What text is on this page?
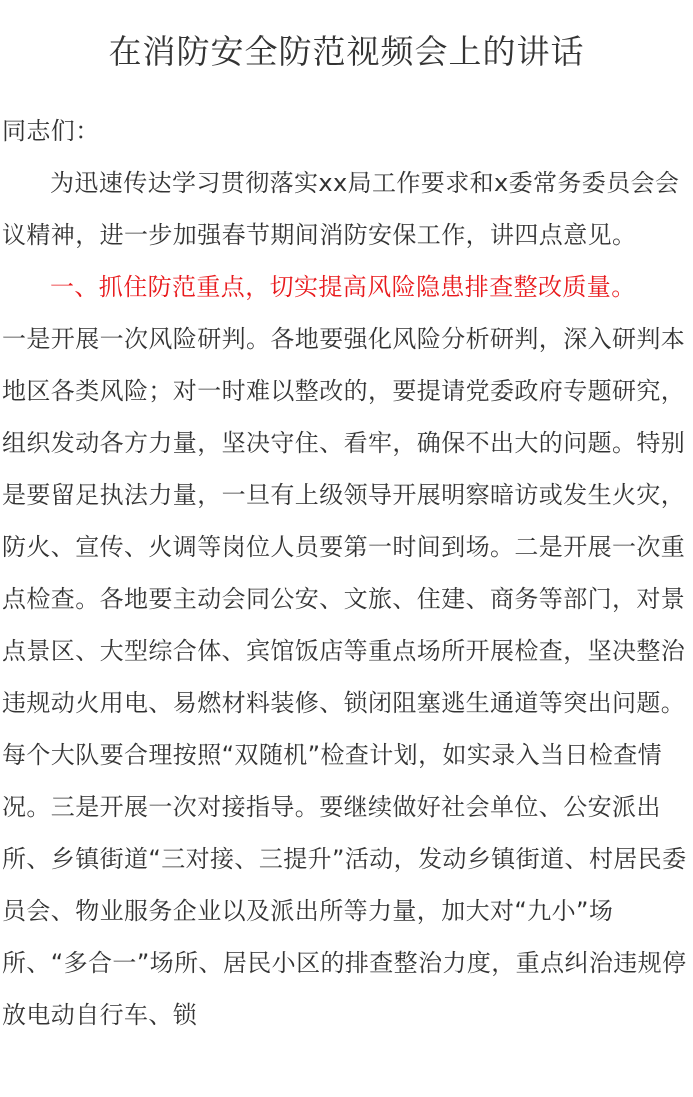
在消防安全防范视频会上的讲话

同志们：

为迅速传达学习贯彻落实xx局工作要求和x委常务委员会会议精神，进一步加强春节期间消防安保工作，讲四点意见。

一、抓住防范重点，切实提高风险隐患排查整改质量。

一是开展一次风险研判。各地要强化风险分析研判，深入研判本地区各类风险；对一时难以整改的，要提请党委政府专题研究，组织发动各方力量，坚决守住、看牢，确保不出大的问题。特别是要留足执法力量，一旦有上级领导开展明察暗访或发生火灾，防火、宣传、火调等岗位人员要第一时间到场。二是开展一次重点检查。各地要主动会同公安、文旅、住建、商务等部门，对景点景区、大型综合体、宾馆饭店等重点场所开展检查，坚决整治违规动火用电、易燃材料装修、锁闭阻塞逃生通道等突出问题。每个大队要合理按照“双随机”检查计划，如实录入当日检查情况。三是开展一次对接指导。要继续做好社会单位、公安派出所、乡镇街道“三对接、三提升”活动，发动乡镇街道、村居民委员会、物业服务企业以及派出所等力量，加大对“九小”场所、“多合一”场所、居民小区的排查整治力度，重点纠治违规停放电动自行车、锁
